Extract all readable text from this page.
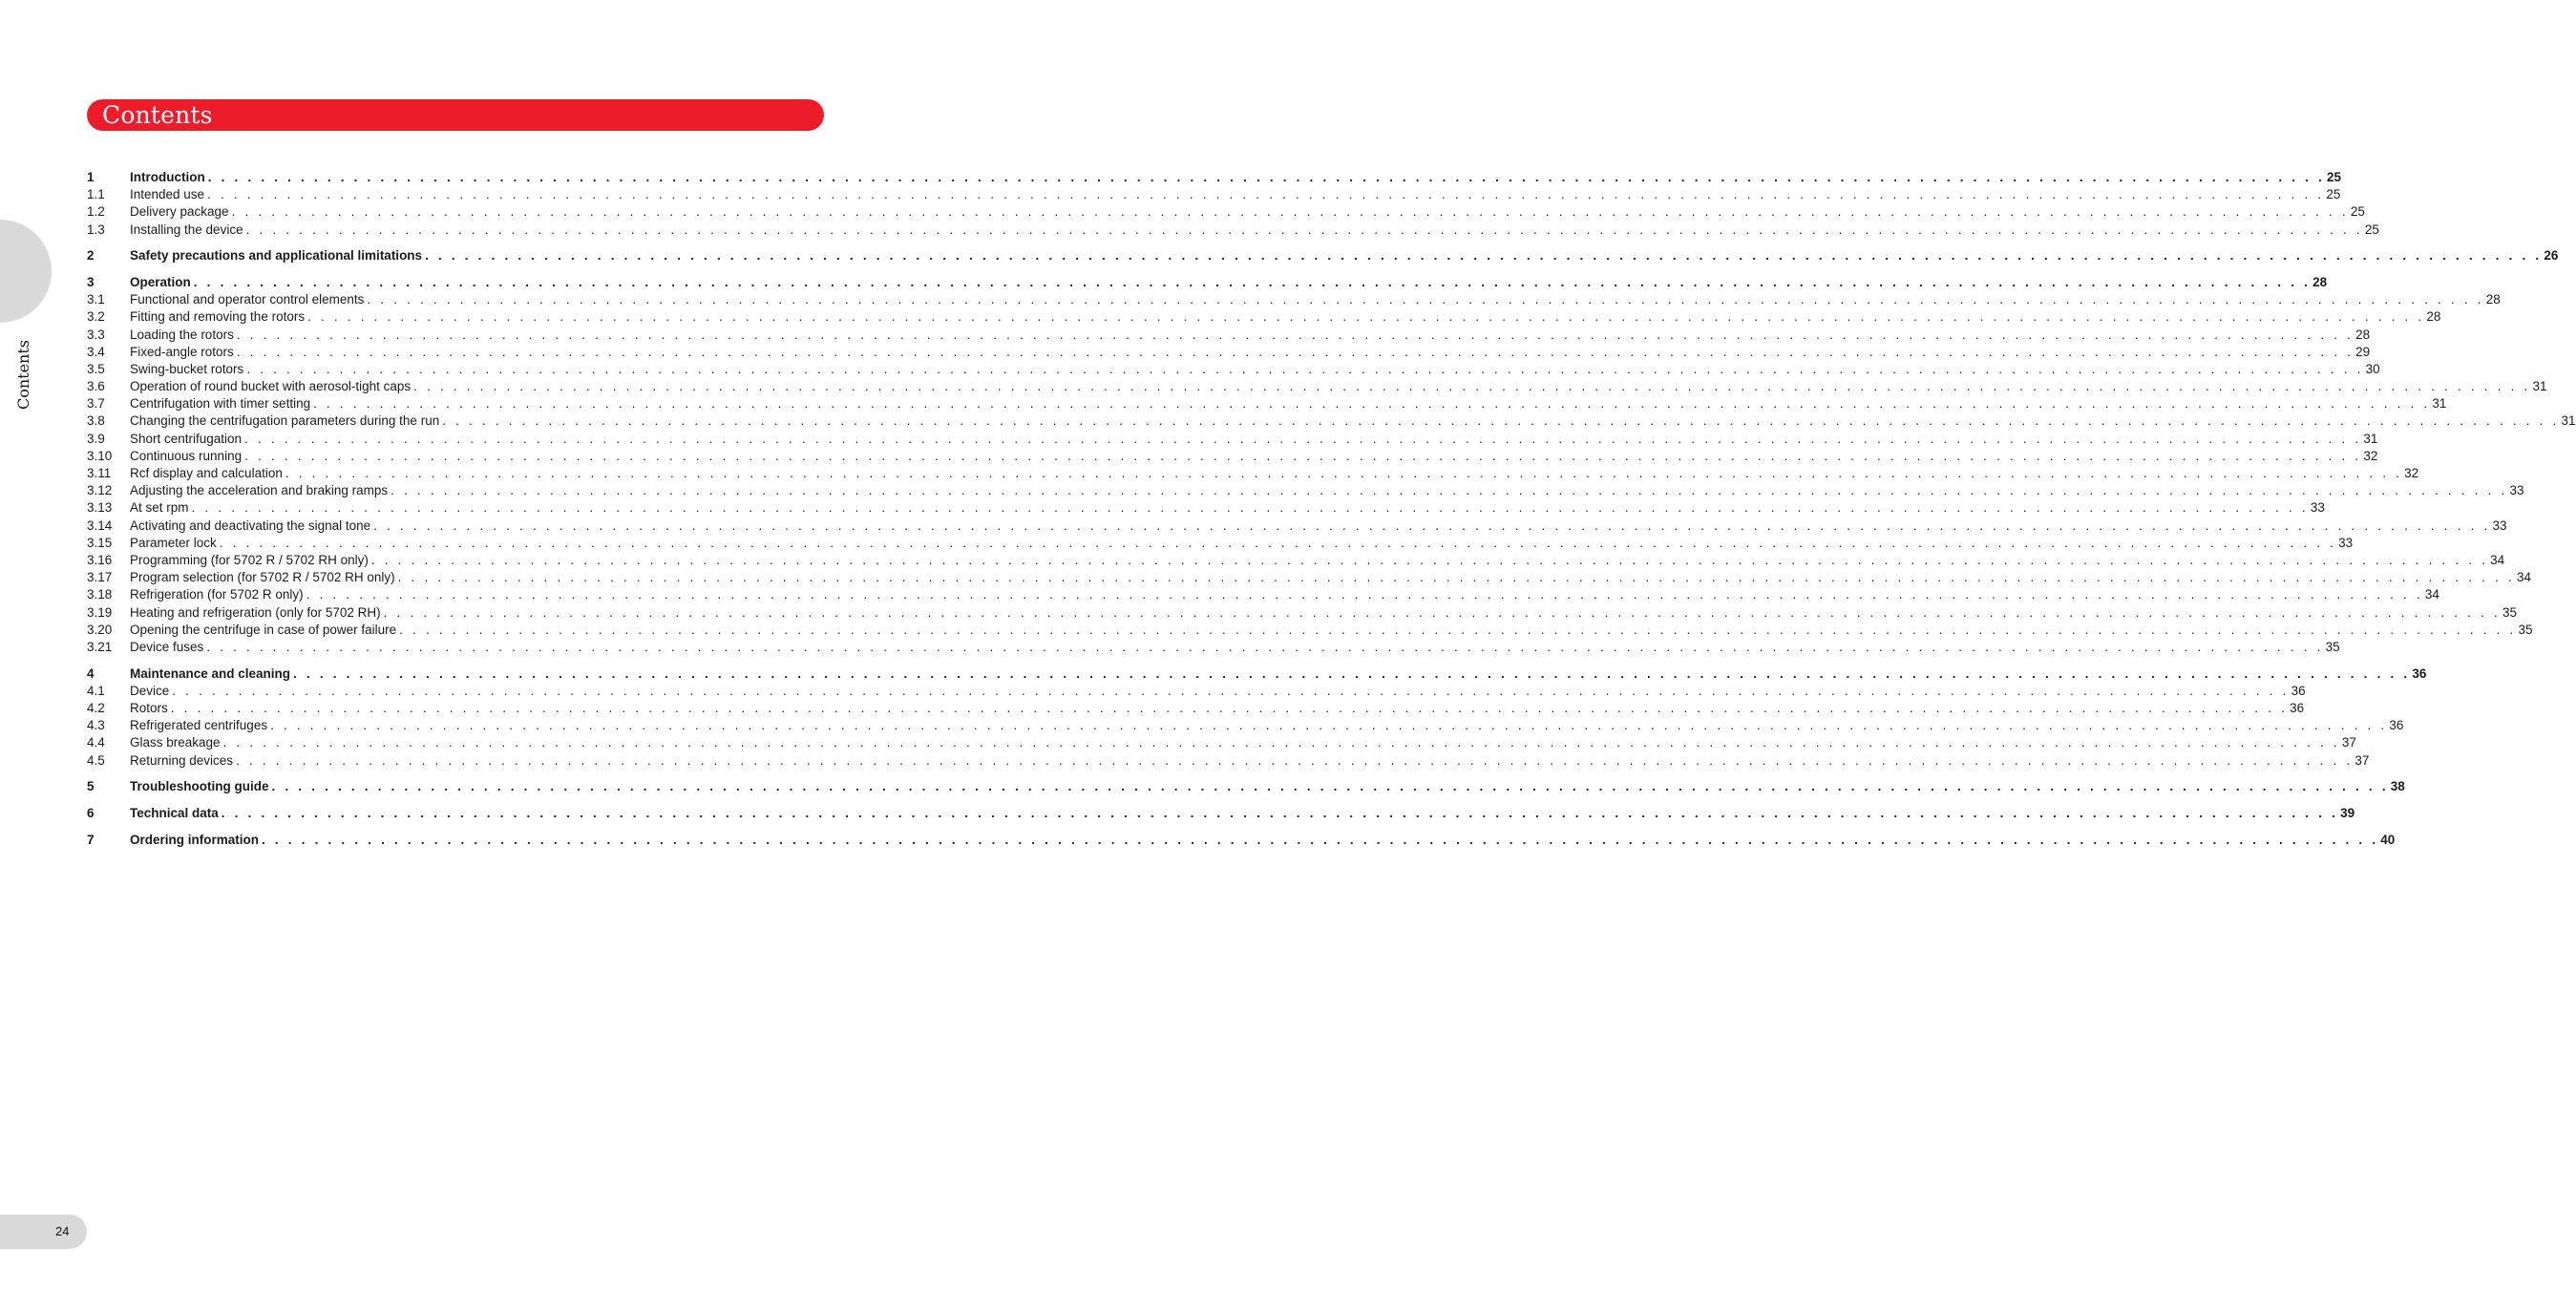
Contents
Contents
1	Introduction . . . . . . . . . . . . . . . . . . . . . . . . . . . . . . . . . . . . . . . . . . . . . . . . . . . . . . . . . . . . . . . . . . . . . . . . . . . . . . . . . . . . . . . . . . . . . . . . . . . . . . . . . . . . . . . . . . . . . . . . . . . . . . . . . . . . . . . . . . . . . . . . . . . . . . . . . . . . . . . . 25
1.1	Intended use . . . . . . . . . . . . . . . . . . . . . . . . . . . . . . . . . . . . . . . . . . . . . . . . . . . . . . . . . . . . . . . . . . . . . . . . . . . . . . . . . . . . . . . . . . . . . . . . . . . . . . . . . . . . . . . . . . . . . . . . . . . . . . . . . . . . . . . . . . . . . . . . . . . . . . . . . . . . . . . . 25
1.2	Delivery package . . . . . . . . . . . . . . . . . . . . . . . . . . . . . . . . . . . . . . . . . . . . . . . . . . . . . . . . . . . . . . . . . . . . . . . . . . . . . . . . . . . . . . . . . . . . . . . . . . . . . . . . . . . . . . . . . . . . . . . . . . . . . . . . . . . . . . . . . . . . . . . . . . . . . . . . . . . . . . . . 25
1.3	Installing the device . . . . . . . . . . . . . . . . . . . . . . . . . . . . . . . . . . . . . . . . . . . . . . . . . . . . . . . . . . . . . . . . . . . . . . . . . . . . . . . . . . . . . . . . . . . . . . . . . . . . . . . . . . . . . . . . . . . . . . . . . . . . . . . . . . . . . . . . . . . . . . . . . . . . . . . . . . . . . . . . 25
2	Safety precautions and applicational limitations . . . . . . . . . . . . . . . . . . . . . . . . . . . . . . . . . . . . . . . . . . . . . . . . . . . . . . . . . . . . . . . . . . . . . . . . . . . . . . . . . . . . . . . . . . . . . . . . . . . . . . . . . . . . . . . . . . . . . . . . . . . . . . . . . . . . . . . . . . . . . . . . . . . . . . . . . . . . . . . . 26
3	Operation . . . . . . . . . . . . . . . . . . . . . . . . . . . . . . . . . . . . . . . . . . . . . . . . . . . . . . . . . . . . . . . . . . . . . . . . . . . . . . . . . . . . . . . . . . . . . . . . . . . . . . . . . . . . . . . . . . . . . . . . . . . . . . . . . . . . . . . . . . . . . . . . . . . . . . . . . . . . . . . . 28
3.1	Functional and operator control elements . . . . . . . . . . . . . . . . . . . . . . . . . . . . . . . . . . . . . . . . . . . . . . . . . . . . . . . . . . . . . . . . . . . . . . . . . . . . . . . . . . . . . . . . . . . . . . . . . . . . . . . . . . . . . . . . . . . . . . . . . . . . . . . . . . . . . . . . . . . . . . . . . . . . . . . . . . . . . . . . 28
3.2	Fitting and removing the rotors . . . . . . . . . . . . . . . . . . . . . . . . . . . . . . . . . . . . . . . . . . . . . . . . . . . . . . . . . . . . . . . . . . . . . . . . . . . . . . . . . . . . . . . . . . . . . . . . . . . . . . . . . . . . . . . . . . . . . . . . . . . . . . . . . . . . . . . . . . . . . . . . . . . . . . . . . . . . . . . . 28
3.3	Loading the rotors . . . . . . . . . . . . . . . . . . . . . . . . . . . . . . . . . . . . . . . . . . . . . . . . . . . . . . . . . . . . . . . . . . . . . . . . . . . . . . . . . . . . . . . . . . . . . . . . . . . . . . . . . . . . . . . . . . . . . . . . . . . . . . . . . . . . . . . . . . . . . . . . . . . . . . . . . . . . . . . . 28
3.4	Fixed-angle rotors . . . . . . . . . . . . . . . . . . . . . . . . . . . . . . . . . . . . . . . . . . . . . . . . . . . . . . . . . . . . . . . . . . . . . . . . . . . . . . . . . . . . . . . . . . . . . . . . . . . . . . . . . . . . . . . . . . . . . . . . . . . . . . . . . . . . . . . . . . . . . . . . . . . . . . . . . . . . . . . . 29
3.5	Swing-bucket rotors . . . . . . . . . . . . . . . . . . . . . . . . . . . . . . . . . . . . . . . . . . . . . . . . . . . . . . . . . . . . . . . . . . . . . . . . . . . . . . . . . . . . . . . . . . . . . . . . . . . . . . . . . . . . . . . . . . . . . . . . . . . . . . . . . . . . . . . . . . . . . . . . . . . . . . . . . . . . . . . . 30
3.6	Operation of round bucket with aerosol-tight caps . . . . . . . . . . . . . . . . . . . . . . . . . . . . . . . . . . . . . . . . . . . . . . . . . . . . . . . . . . . . . . . . . . . . . . . . . . . . . . . . . . . . . . . . . . . . . . . . . . . . . . . . . . . . . . . . . . . . . . . . . . . . . . . . . . . . . . . . . . . . . . . . . . . . . . . . . . . . . . . . 31
3.7	Centrifugation with timer setting . . . . . . . . . . . . . . . . . . . . . . . . . . . . . . . . . . . . . . . . . . . . . . . . . . . . . . . . . . . . . . . . . . . . . . . . . . . . . . . . . . . . . . . . . . . . . . . . . . . . . . . . . . . . . . . . . . . . . . . . . . . . . . . . . . . . . . . . . . . . . . . . . . . . . . . . . . . . . . . . 31
3.8	Changing the centrifugation parameters during the run . . . . . . . . . . . . . . . . . . . . . . . . . . . . . . . . . . . . . . . . . . . . . . . . . . . . . . . . . . . . . . . . . . . . . . . . . . . . . . . . . . . . . . . . . . . . . . . . . . . . . . . . . . . . . . . . . . . . . . . . . . . . . . . . . . . . . . . . . . . . . . . . . . . . . . . . . . . . . . . . 31
3.9	Short centrifugation . . . . . . . . . . . . . . . . . . . . . . . . . . . . . . . . . . . . . . . . . . . . . . . . . . . . . . . . . . . . . . . . . . . . . . . . . . . . . . . . . . . . . . . . . . . . . . . . . . . . . . . . . . . . . . . . . . . . . . . . . . . . . . . . . . . . . . . . . . . . . . . . . . . . . . . . . . . . . . . . 31
3.10	Continuous running . . . . . . . . . . . . . . . . . . . . . . . . . . . . . . . . . . . . . . . . . . . . . . . . . . . . . . . . . . . . . . . . . . . . . . . . . . . . . . . . . . . . . . . . . . . . . . . . . . . . . . . . . . . . . . . . . . . . . . . . . . . . . . . . . . . . . . . . . . . . . . . . . . . . . . . . . . . . . . . . 32
3.11	Rcf display and calculation . . . . . . . . . . . . . . . . . . . . . . . . . . . . . . . . . . . . . . . . . . . . . . . . . . . . . . . . . . . . . . . . . . . . . . . . . . . . . . . . . . . . . . . . . . . . . . . . . . . . . . . . . . . . . . . . . . . . . . . . . . . . . . . . . . . . . . . . . . . . . . . . . . . . . . . . . . . . . . . . 32
3.12	Adjusting the acceleration and braking ramps . . . . . . . . . . . . . . . . . . . . . . . . . . . . . . . . . . . . . . . . . . . . . . . . . . . . . . . . . . . . . . . . . . . . . . . . . . . . . . . . . . . . . . . . . . . . . . . . . . . . . . . . . . . . . . . . . . . . . . . . . . . . . . . . . . . . . . . . . . . . . . . . . . . . . . . . . . . . . . . . 33
3.13	At set rpm . . . . . . . . . . . . . . . . . . . . . . . . . . . . . . . . . . . . . . . . . . . . . . . . . . . . . . . . . . . . . . . . . . . . . . . . . . . . . . . . . . . . . . . . . . . . . . . . . . . . . . . . . . . . . . . . . . . . . . . . . . . . . . . . . . . . . . . . . . . . . . . . . . . . . . . . . . . . . . . . 33
3.14	Activating and deactivating the signal tone . . . . . . . . . . . . . . . . . . . . . . . . . . . . . . . . . . . . . . . . . . . . . . . . . . . . . . . . . . . . . . . . . . . . . . . . . . . . . . . . . . . . . . . . . . . . . . . . . . . . . . . . . . . . . . . . . . . . . . . . . . . . . . . . . . . . . . . . . . . . . . . . . . . . . . . . . . . . . . . . 33
3.15	Parameter lock . . . . . . . . . . . . . . . . . . . . . . . . . . . . . . . . . . . . . . . . . . . . . . . . . . . . . . . . . . . . . . . . . . . . . . . . . . . . . . . . . . . . . . . . . . . . . . . . . . . . . . . . . . . . . . . . . . . . . . . . . . . . . . . . . . . . . . . . . . . . . . . . . . . . . . . . . . . . . . . . 33
3.16	Programming (for 5702 R / 5702 RH only) . . . . . . . . . . . . . . . . . . . . . . . . . . . . . . . . . . . . . . . . . . . . . . . . . . . . . . . . . . . . . . . . . . . . . . . . . . . . . . . . . . . . . . . . . . . . . . . . . . . . . . . . . . . . . . . . . . . . . . . . . . . . . . . . . . . . . . . . . . . . . . . . . . . . . . . . . . . . . . . . 34
3.17	Program selection (for 5702 R / 5702 RH only) . . . . . . . . . . . . . . . . . . . . . . . . . . . . . . . . . . . . . . . . . . . . . . . . . . . . . . . . . . . . . . . . . . . . . . . . . . . . . . . . . . . . . . . . . . . . . . . . . . . . . . . . . . . . . . . . . . . . . . . . . . . . . . . . . . . . . . . . . . . . . . . . . . . . . . . . . . . . . . . . 34
3.18	Refrigeration (for 5702 R only) . . . . . . . . . . . . . . . . . . . . . . . . . . . . . . . . . . . . . . . . . . . . . . . . . . . . . . . . . . . . . . . . . . . . . . . . . . . . . . . . . . . . . . . . . . . . . . . . . . . . . . . . . . . . . . . . . . . . . . . . . . . . . . . . . . . . . . . . . . . . . . . . . . . . . . . . . . . . . . . . 34
3.19	Heating and refrigeration (only for 5702 RH) . . . . . . . . . . . . . . . . . . . . . . . . . . . . . . . . . . . . . . . . . . . . . . . . . . . . . . . . . . . . . . . . . . . . . . . . . . . . . . . . . . . . . . . . . . . . . . . . . . . . . . . . . . . . . . . . . . . . . . . . . . . . . . . . . . . . . . . . . . . . . . . . . . . . . . . . . . . . . . . . 35
3.20	Opening the centrifuge in case of power failure . . . . . . . . . . . . . . . . . . . . . . . . . . . . . . . . . . . . . . . . . . . . . . . . . . . . . . . . . . . . . . . . . . . . . . . . . . . . . . . . . . . . . . . . . . . . . . . . . . . . . . . . . . . . . . . . . . . . . . . . . . . . . . . . . . . . . . . . . . . . . . . . . . . . . . . . . . . . . . . . 35
3.21	Device fuses . . . . . . . . . . . . . . . . . . . . . . . . . . . . . . . . . . . . . . . . . . . . . . . . . . . . . . . . . . . . . . . . . . . . . . . . . . . . . . . . . . . . . . . . . . . . . . . . . . . . . . . . . . . . . . . . . . . . . . . . . . . . . . . . . . . . . . . . . . . . . . . . . . . . . . . . . . . . . . . . 35
4	Maintenance and cleaning . . . . . . . . . . . . . . . . . . . . . . . . . . . . . . . . . . . . . . . . . . . . . . . . . . . . . . . . . . . . . . . . . . . . . . . . . . . . . . . . . . . . . . . . . . . . . . . . . . . . . . . . . . . . . . . . . . . . . . . . . . . . . . . . . . . . . . . . . . . . . . . . . . . . . . . . . . . . . . . . 36
4.1	Device . . . . . . . . . . . . . . . . . . . . . . . . . . . . . . . . . . . . . . . . . . . . . . . . . . . . . . . . . . . . . . . . . . . . . . . . . . . . . . . . . . . . . . . . . . . . . . . . . . . . . . . . . . . . . . . . . . . . . . . . . . . . . . . . . . . . . . . . . . . . . . . . . . . . . . . . . . . . . . . . 36
4.2	Rotors . . . . . . . . . . . . . . . . . . . . . . . . . . . . . . . . . . . . . . . . . . . . . . . . . . . . . . . . . . . . . . . . . . . . . . . . . . . . . . . . . . . . . . . . . . . . . . . . . . . . . . . . . . . . . . . . . . . . . . . . . . . . . . . . . . . . . . . . . . . . . . . . . . . . . . . . . . . . . . . . 36
4.3	Refrigerated centrifuges . . . . . . . . . . . . . . . . . . . . . . . . . . . . . . . . . . . . . . . . . . . . . . . . . . . . . . . . . . . . . . . . . . . . . . . . . . . . . . . . . . . . . . . . . . . . . . . . . . . . . . . . . . . . . . . . . . . . . . . . . . . . . . . . . . . . . . . . . . . . . . . . . . . . . . . . . . . . . . . . 36
4.4	Glass breakage . . . . . . . . . . . . . . . . . . . . . . . . . . . . . . . . . . . . . . . . . . . . . . . . . . . . . . . . . . . . . . . . . . . . . . . . . . . . . . . . . . . . . . . . . . . . . . . . . . . . . . . . . . . . . . . . . . . . . . . . . . . . . . . . . . . . . . . . . . . . . . . . . . . . . . . . . . . . . . . . 37
4.5	Returning devices . . . . . . . . . . . . . . . . . . . . . . . . . . . . . . . . . . . . . . . . . . . . . . . . . . . . . . . . . . . . . . . . . . . . . . . . . . . . . . . . . . . . . . . . . . . . . . . . . . . . . . . . . . . . . . . . . . . . . . . . . . . . . . . . . . . . . . . . . . . . . . . . . . . . . . . . . . . . . . . . 37
5	Troubleshooting guide . . . . . . . . . . . . . . . . . . . . . . . . . . . . . . . . . . . . . . . . . . . . . . . . . . . . . . . . . . . . . . . . . . . . . . . . . . . . . . . . . . . . . . . . . . . . . . . . . . . . . . . . . . . . . . . . . . . . . . . . . . . . . . . . . . . . . . . . . . . . . . . . . . . . . . . . . . . . . . . . 38
6	Technical data . . . . . . . . . . . . . . . . . . . . . . . . . . . . . . . . . . . . . . . . . . . . . . . . . . . . . . . . . . . . . . . . . . . . . . . . . . . . . . . . . . . . . . . . . . . . . . . . . . . . . . . . . . . . . . . . . . . . . . . . . . . . . . . . . . . . . . . . . . . . . . . . . . . . . . . . . . . . . . . . 39
7	Ordering information . . . . . . . . . . . . . . . . . . . . . . . . . . . . . . . . . . . . . . . . . . . . . . . . . . . . . . . . . . . . . . . . . . . . . . . . . . . . . . . . . . . . . . . . . . . . . . . . . . . . . . . . . . . . . . . . . . . . . . . . . . . . . . . . . . . . . . . . . . . . . . . . . . . . . . . . . . . . . . . . 40
24
